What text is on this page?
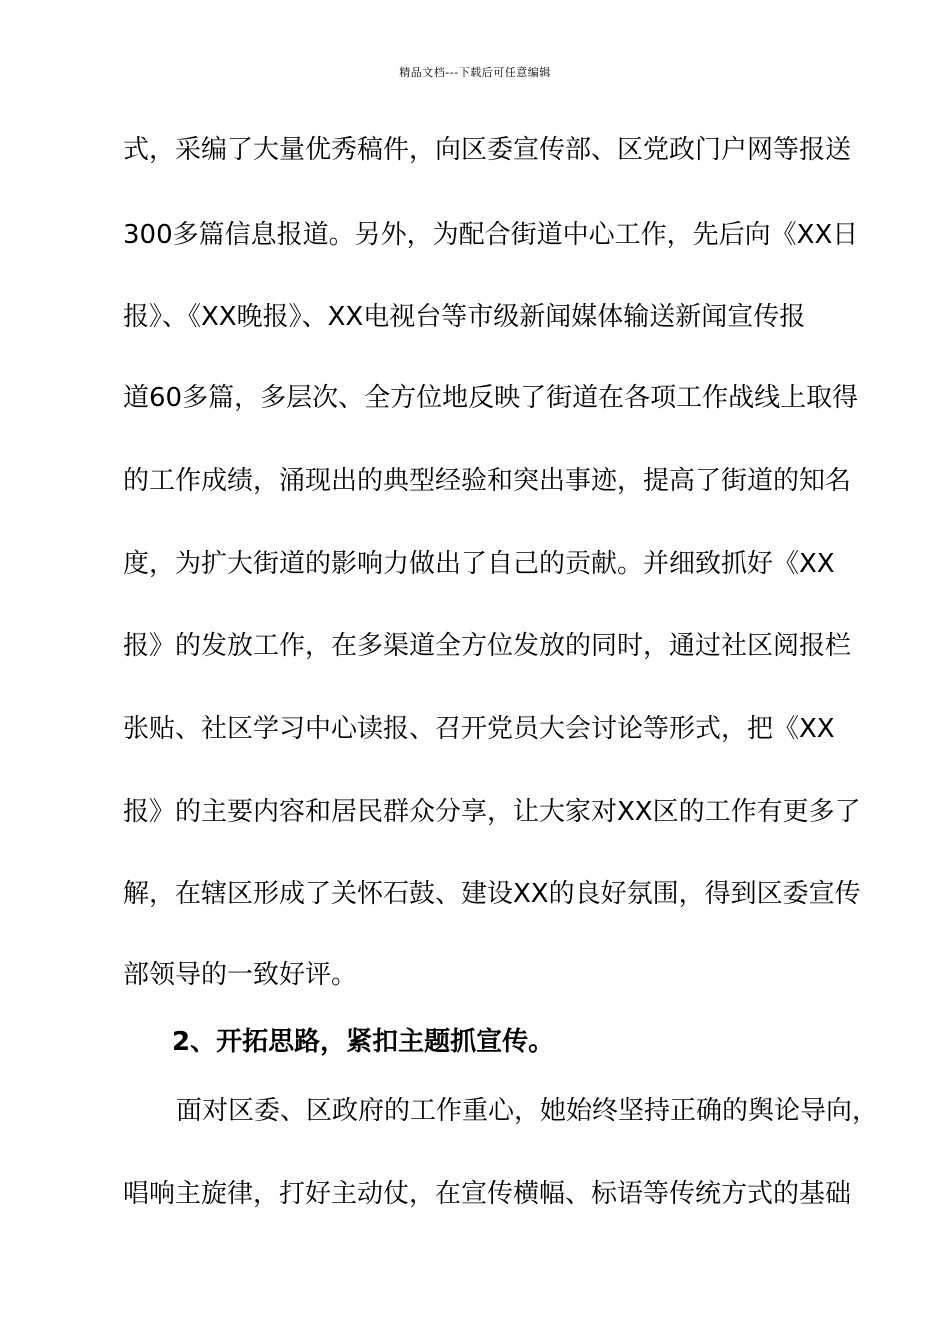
精品文档---下载后可任意编辑
式，采编了大量优秀稿件，向区委宣传部、区党政门户网等报送
300多篇信息报道。另外，为配合街道中心工作，先后向《XX日
报》、《XX晚报》、XX电视台等市级新闻媒体输送新闻宣传报
道60多篇，多层次、全方位地反映了街道在各项工作战线上取得
的工作成绩，涌现出的典型经验和突出事迹，提高了街道的知名
度，为扩大街道的影响力做出了自己的贡献。并细致抓好《XX
报》的发放工作，在多渠道全方位发放的同时，通过社区阅报栏
张贴、社区学习中心读报、召开党员大会讨论等形式，把《XX
报》的主要内容和居民群众分享，让大家对XX区的工作有更多了
解，在辖区形成了关怀石鼓、建设XX的良好氛围，得到区委宣传
部领导的一致好评。
2、开拓思路，紧扣主题抓宣传。
面对区委、区政府的工作重心，她始终坚持正确的舆论导向，
唱响主旋律，打好主动仗，在宣传横幅、标语等传统方式的基础
